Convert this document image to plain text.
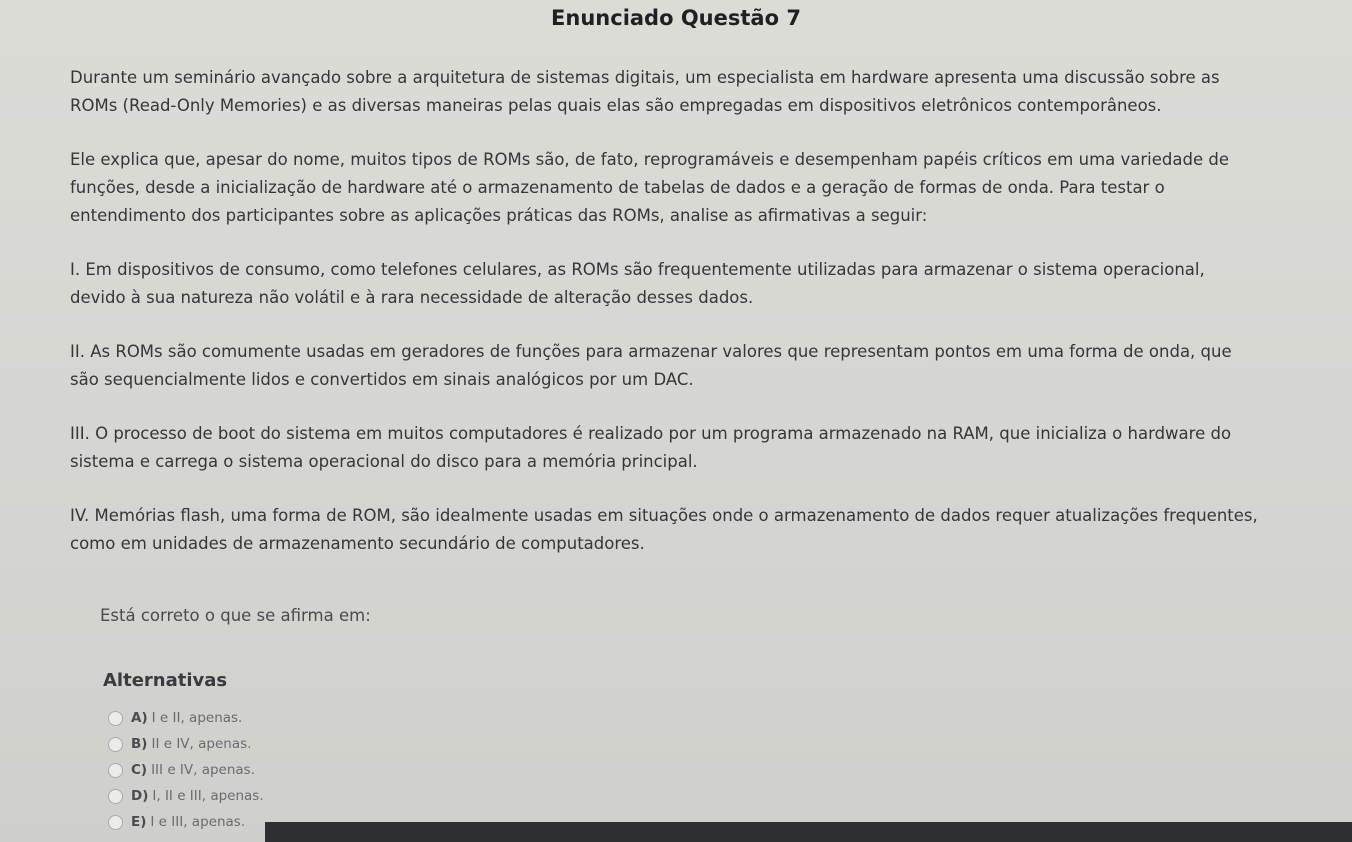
Enunciado Questão 7

Durante um seminário avançado sobre a arquitetura de sistemas digitais, um especialista em hardware apresenta uma discussão sobre as ROMs (Read-Only Memories) e as diversas maneiras pelas quais elas são empregadas em dispositivos eletrônicos contemporâneos.

Ele explica que, apesar do nome, muitos tipos de ROMs são, de fato, reprogramáveis e desempenham papéis críticos em uma variedade de funções, desde a inicialização de hardware até o armazenamento de tabelas de dados e a geração de formas de onda. Para testar o entendimento dos participantes sobre as aplicações práticas das ROMs, analise as afirmativas a seguir:

I. Em dispositivos de consumo, como telefones celulares, as ROMs são frequentemente utilizadas para armazenar o sistema operacional, devido à sua natureza não volátil e à rara necessidade de alteração desses dados.

II. As ROMs são comumente usadas em geradores de funções para armazenar valores que representam pontos em uma forma de onda, que são sequencialmente lidos e convertidos em sinais analógicos por um DAC.

III. O processo de boot do sistema em muitos computadores é realizado por um programa armazenado na RAM, que inicializa o hardware do sistema e carrega o sistema operacional do disco para a memória principal.

IV. Memórias flash, uma forma de ROM, são idealmente usadas em situações onde o armazenamento de dados requer atualizações frequentes, como em unidades de armazenamento secundário de computadores.

Está correto o que se afirma em:
Alternativas
A) I e II, apenas.
B) II e IV, apenas.
C) III e IV, apenas.
D) I, II e III, apenas.
E) I e III, apenas.
